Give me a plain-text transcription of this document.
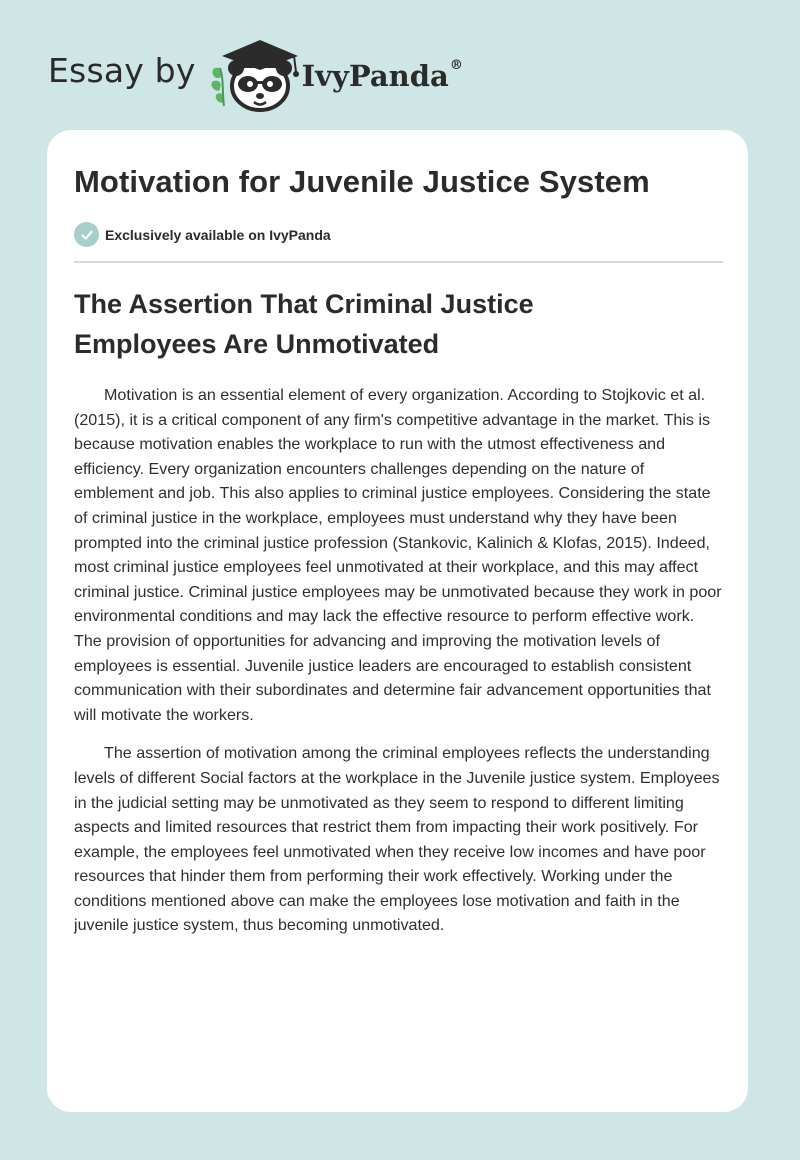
Essay by	IvyPanda®
Motivation for Juvenile Justice System
Exclusively available on IvyPanda
The Assertion That Criminal Justice Employees Are Unmotivated

Motivation is an essential element of every organization. According to Stojkovic et al. (2015), it is a critical component of any firm's competitive advantage in the market. This is because motivation enables the workplace to run with the utmost effectiveness and efficiency. Every organization encounters challenges depending on the nature of emblement and job. This also applies to criminal justice employees. Considering the state of criminal justice in the workplace, employees must understand why they have been prompted into the criminal justice profession (Stankovic, Kalinich & Klofas, 2015). Indeed, most criminal justice employees feel unmotivated at their workplace, and this may affect criminal justice. Criminal justice employees may be unmotivated because they work in poor environmental conditions and may lack the effective resource to perform effective work. The provision of opportunities for advancing and improving the motivation levels of employees is essential. Juvenile justice leaders are encouraged to establish consistent communication with their subordinates and determine fair advancement opportunities that will motivate the workers.

The assertion of motivation among the criminal employees reflects the understanding levels of different Social factors at the workplace in the Juvenile justice system. Employees in the judicial setting may be unmotivated as they seem to respond to different limiting aspects and limited resources that restrict them from impacting their work positively. For example, the employees feel unmotivated when they receive low incomes and have poor resources that hinder them from performing their work effectively. Working under the conditions mentioned above can make the employees lose motivation and faith in the juvenile justice system, thus becoming unmotivated.
